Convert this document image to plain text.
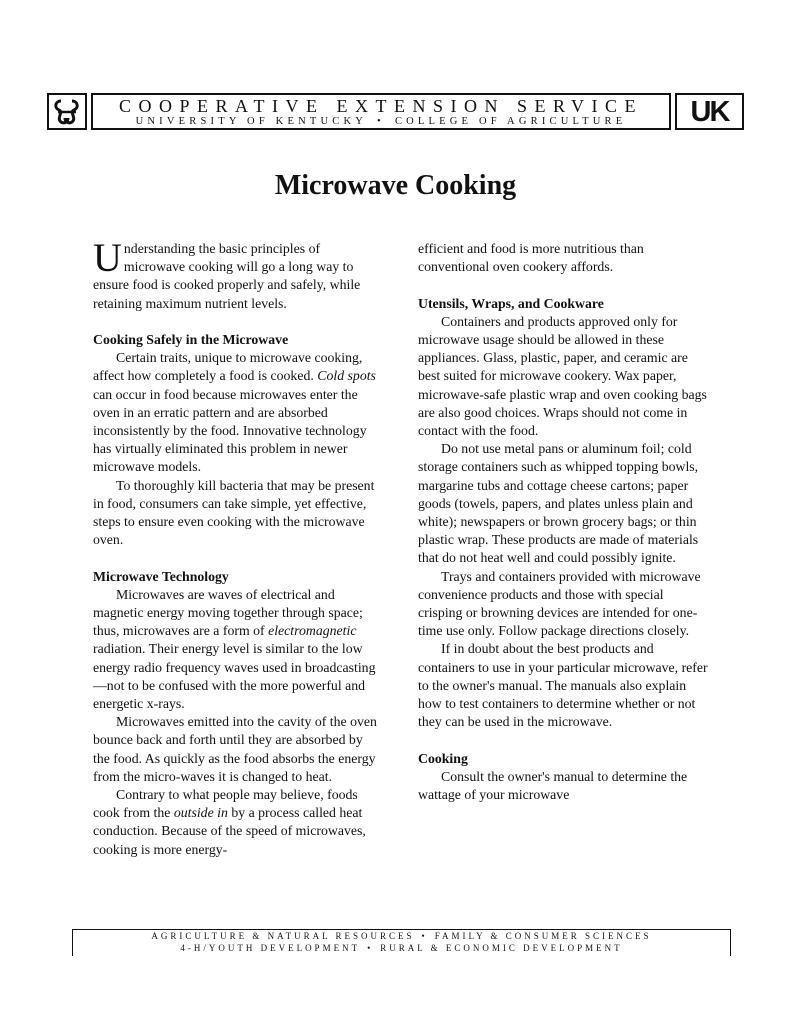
COOPERATIVE EXTENSION SERVICE
UNIVERSITY OF KENTUCKY • COLLEGE OF AGRICULTURE	UK
Microwave Cooking

Understanding the basic principles of microwave cooking will go a long way to ensure food is cooked properly and safely, while retaining maximum nutrient levels.

Cooking Safely in the Microwave

Certain traits, unique to microwave cooking, affect how completely a food is cooked. Cold spots can occur in food because microwaves enter the oven in an erratic pattern and are absorbed inconsistently by the food. Innovative technology has virtually eliminated this problem in newer microwave models.

To thoroughly kill bacteria that may be present in food, consumers can take simple, yet effective, steps to ensure even cooking with the microwave oven.

Microwave Technology

Microwaves are waves of electrical and magnetic energy moving together through space; thus, microwaves are a form of electromagnetic radiation. Their energy level is similar to the low energy radio frequency waves used in broadcasting—not to be confused with the more powerful and energetic x-rays.

Microwaves emitted into the cavity of the oven bounce back and forth until they are absorbed by the food. As quickly as the food absorbs the energy from the micro-waves it is changed to heat.

Contrary to what people may believe, foods cook from the outside in by a process called heat conduction. Because of the speed of microwaves, cooking is more energy-

efficient and food is more nutritious than conventional oven cookery affords.

Utensils, Wraps, and Cookware

Containers and products approved only for microwave usage should be allowed in these appliances. Glass, plastic, paper, and ceramic are best suited for microwave cookery. Wax paper, microwave-safe plastic wrap and oven cooking bags are also good choices. Wraps should not come in contact with the food.

Do not use metal pans or aluminum foil; cold storage containers such as whipped topping bowls, margarine tubs and cottage cheese cartons; paper goods (towels, papers, and plates unless plain and white); newspapers or brown grocery bags; or thin plastic wrap. These products are made of materials that do not heat well and could possibly ignite.

Trays and containers provided with microwave convenience products and those with special crisping or browning devices are intended for one-time use only. Follow package directions closely.

If in doubt about the best products and containers to use in your particular microwave, refer to the owner's manual. The manuals also explain how to test containers to determine whether or not they can be used in the microwave.

Cooking

Consult the owner's manual to determine the wattage of your microwave

AGRICULTURE & NATURAL RESOURCES • FAMILY & CONSUMER SCIENCES
4-H/YOUTH DEVELOPMENT • RURAL & ECONOMIC DEVELOPMENT
